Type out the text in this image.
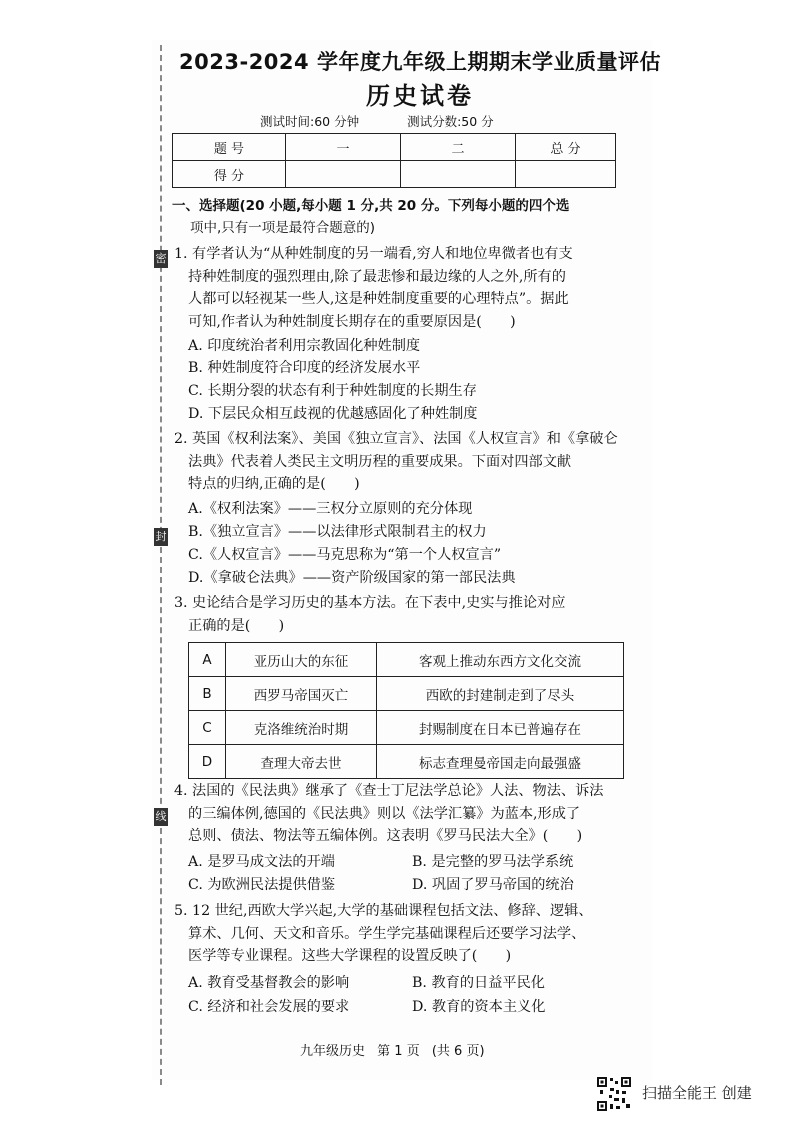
密
封
线
2023-2024 学年度九年级上期期末学业质量评估
历史试卷
测试时间:60 分钟	测试分数:50 分
题 号	一	二	总 分
得 分			
一、选择题(20 小题,每小题 1 分,共 20 分。下列每小题的四个选
项中,只有一项是最符合题意的)
1. 有学者认为“从种姓制度的另一端看,穷人和地位卑微者也有支
持种姓制度的强烈理由,除了最悲惨和最边缘的人之外,所有的
人都可以轻视某一些人,这是种姓制度重要的心理特点”。据此
可知,作者认为种姓制度长期存在的重要原因是(　　)
A. 印度统治者利用宗教固化种姓制度
B. 种姓制度符合印度的经济发展水平
C. 长期分裂的状态有利于种姓制度的长期生存
D. 下层民众相互歧视的优越感固化了种姓制度
2. 英国《权利法案》、美国《独立宣言》、法国《人权宣言》和《拿破仑
法典》代表着人类民主文明历程的重要成果。下面对四部文献
特点的归纳,正确的是(　　)
A.《权利法案》——三权分立原则的充分体现
B.《独立宣言》——以法律形式限制君主的权力
C.《人权宣言》——马克思称为“第一个人权宣言”
D.《拿破仑法典》——资产阶级国家的第一部民法典
3. 史论结合是学习历史的基本方法。在下表中,史实与推论对应
正确的是(　　)
A	亚历山大的东征	客观上推动东西方文化交流
B	西罗马帝国灭亡	西欧的封建制走到了尽头
C	克洛维统治时期	封赐制度在日本已普遍存在
D	查理大帝去世	标志查理曼帝国走向最强盛
4. 法国的《民法典》继承了《查士丁尼法学总论》人法、物法、诉法
的三编体例,德国的《民法典》则以《法学汇纂》为蓝本,形成了
总则、债法、物法等五编体例。这表明《罗马民法大全》(　　)
A. 是罗马成文法的开端	B. 是完整的罗马法学系统
C. 为欧洲民法提供借鉴	D. 巩固了罗马帝国的统治
5. 12 世纪,西欧大学兴起,大学的基础课程包括文法、修辞、逻辑、
算术、几何、天文和音乐。学生学完基础课程后还要学习法学、
医学等专业课程。这些大学课程的设置反映了(　　)
A. 教育受基督教会的影响	B. 教育的日益平民化
C. 经济和社会发展的要求	D. 教育的资本主义化
九年级历史 第 1 页 (共 6 页)
扫描全能王 创建
